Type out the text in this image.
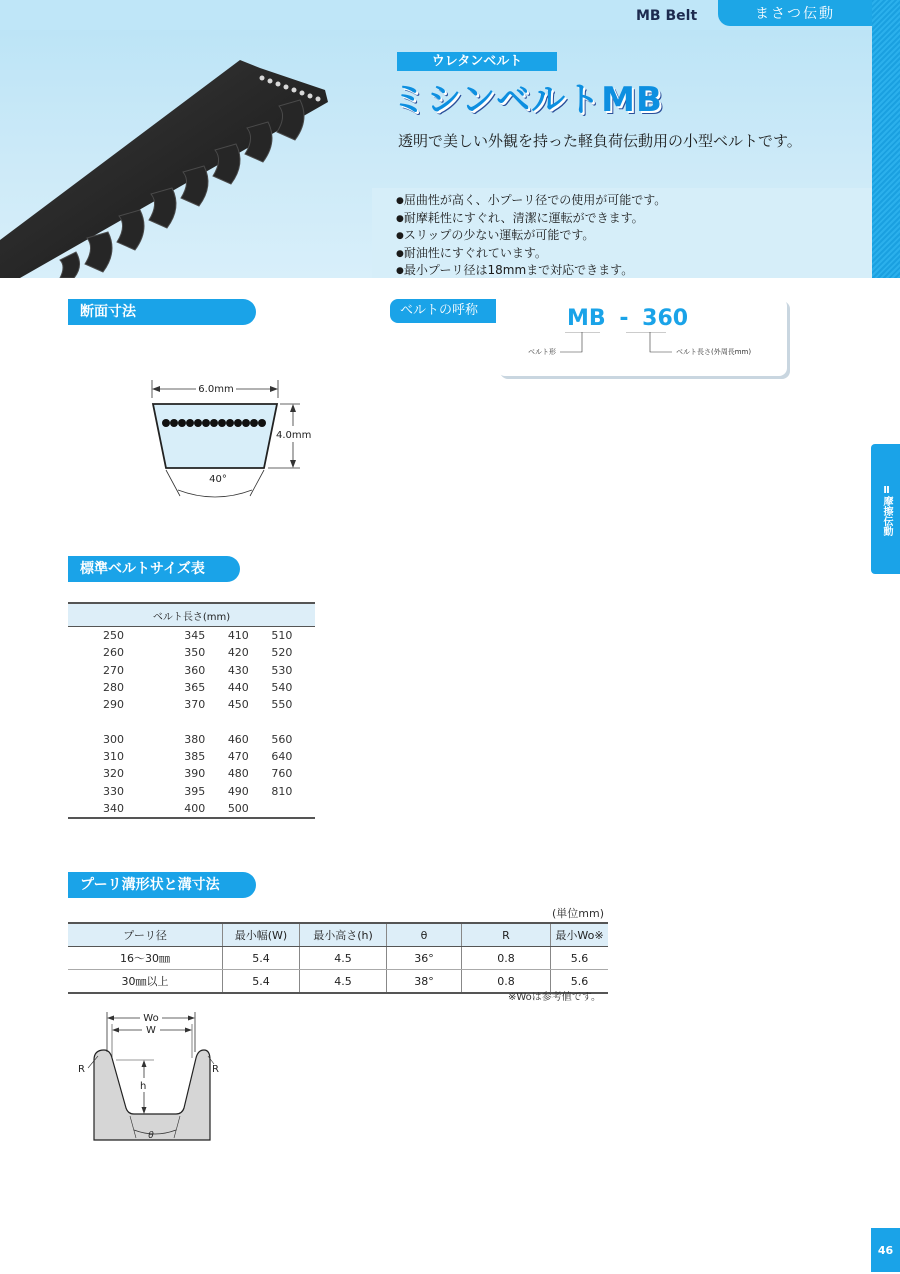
MB Belt	まさつ伝動
ウレタンベルト
ミシンベルトMB
透明で美しい外観を持った軽負荷伝動用の小型ベルトです。
● 屈曲性が高く、小プーリ径での使用が可能です。
● 耐摩耗性にすぐれ、清潔に運転ができます。
● スリップの少ない運転が可能です。
● 耐油性にすぐれています。
● 最小プーリ径は18mmまで対応できます。
断面寸法
6.0mm
4.0mm
40°
ベルトの呼称	MB - 360
ベルト形	ベルト長さ(外周長mm)
標準ベルトサイズ表
ベルト長さ(mm)			
250	345	410	510
260	350	420	520
270	360	430	530
280	365	440	540
290	370	450	550

300	380	460	560
310	385	470	640
320	390	480	760
330	395	490	810
340	400	500	
プーリ溝形状と溝寸法
(単位mm)
プーリ径	最小幅(W)	最小高さ(h)	θ	R	最小Wo※
16〜30㎜	5.4	4.5	36°	0.8	5.6
30㎜以上	5.4	4.5	38°	0.8	5.6
※Woは参考値です。
Wo
W
h
R	R
θ
Ⅱ摩擦伝動
46
